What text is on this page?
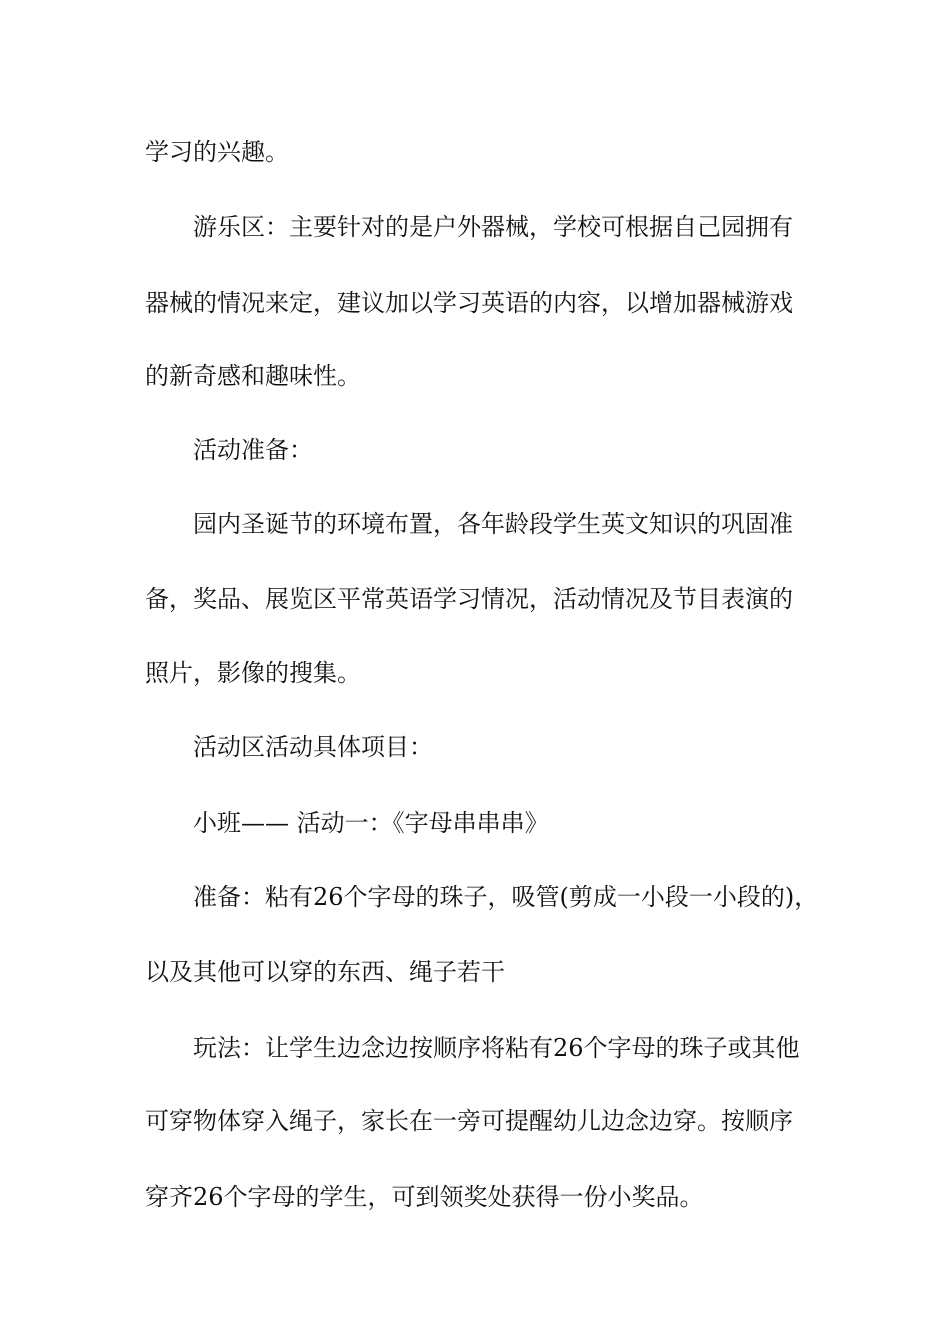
学习的兴趣。
游乐区：主要针对的是户外器械，学校可根据自己园拥有
器械的情况来定，建议加以学习英语的内容，以增加器械游戏
的新奇感和趣味性。
活动准备：
园内圣诞节的环境布置，各年龄段学生英文知识的巩固准
备，奖品、展览区平常英语学习情况，活动情况及节目表演的
照片，影像的搜集。
活动区活动具体项目：
小班—— 活动一：《字母串串串》
准备：粘有26个字母的珠子，吸管(剪成一小段一小段的)，
以及其他可以穿的东西、绳子若干
玩法：让学生边念边按顺序将粘有26个字母的珠子或其他
可穿物体穿入绳子，家长在一旁可提醒幼儿边念边穿。按顺序
穿齐26个字母的学生，可到领奖处获得一份小奖品。
